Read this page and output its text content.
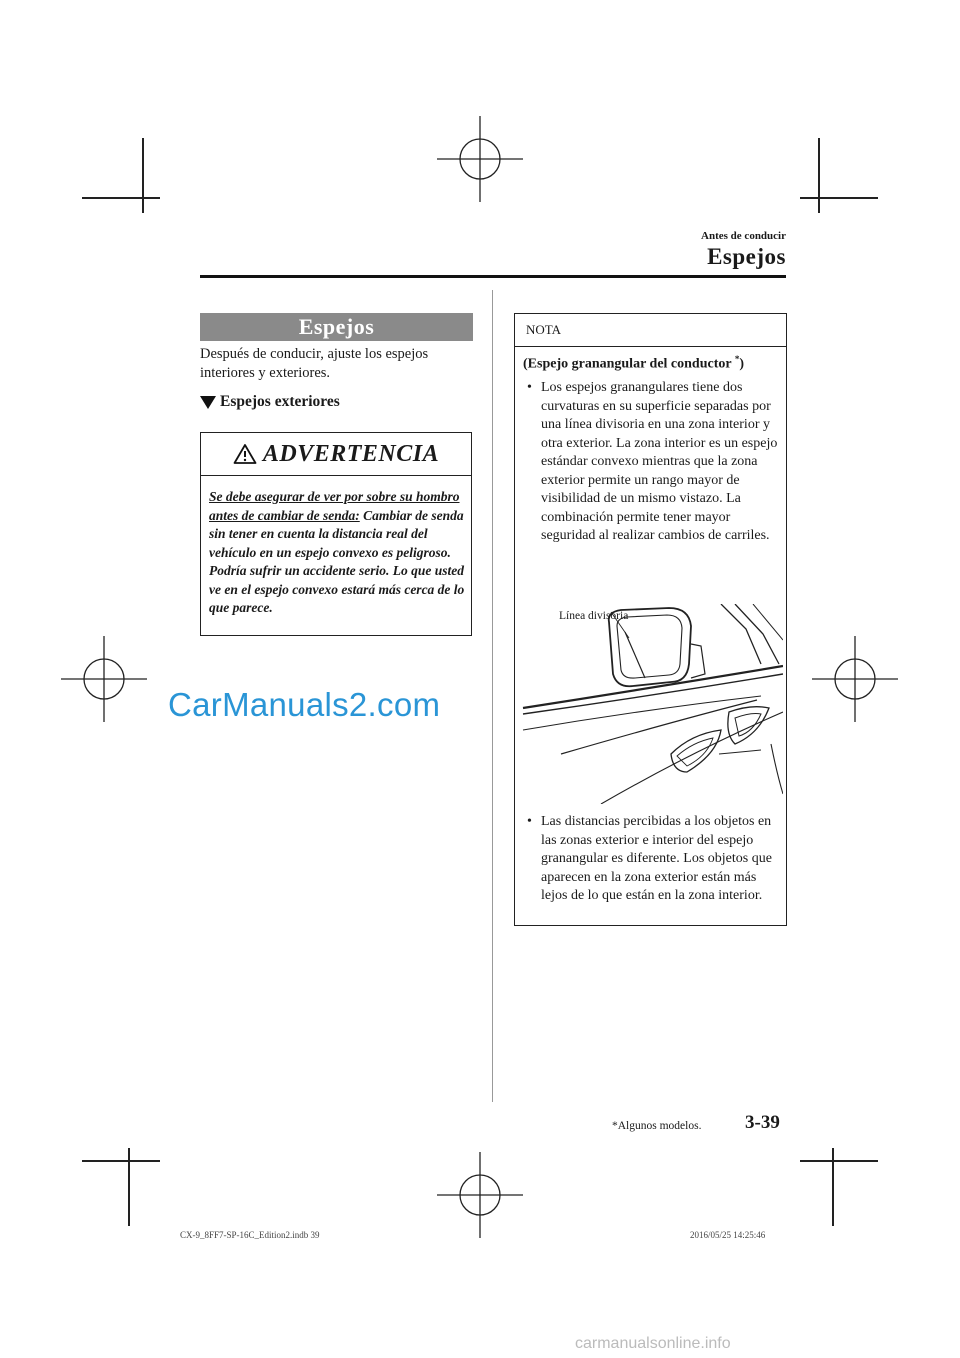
Antes de conducir
Espejos
Espejos
Después de conducir, ajuste los espejos interiores y exteriores.
Espejos exteriores
ADVERTENCIA
Se debe asegurar de ver por sobre su hombro antes de cambiar de senda: Cambiar de senda sin tener en cuenta la distancia real del vehículo en un espejo convexo es peligroso. Podría sufrir un accidente serio. Lo que usted ve en el espejo convexo estará más cerca de lo que parece.
CarManuals2.com
NOTA
(Espejo granangular del conductor *)
• Los espejos granangulares tiene dos curvaturas en su superficie separadas por una línea divisoria en una zona interior y otra exterior. La zona interior es un espejo estándar convexo mientras que la zona exterior permite un rango mayor de visibilidad de un mismo vistazo. La combinación permite tener mayor seguridad al realizar cambios de carriles.
Línea divisoria
• Las distancias percibidas a los objetos en las zonas exterior e interior del espejo granangular es diferente. Los objetos que aparecen en la zona exterior están más lejos de lo que están en la zona interior.
*Algunos modelos. 3-39
CX-9_8FF7-SP-16C_Edition2.indb 39	2016/05/25 14:25:46
carmanualsonline.info
